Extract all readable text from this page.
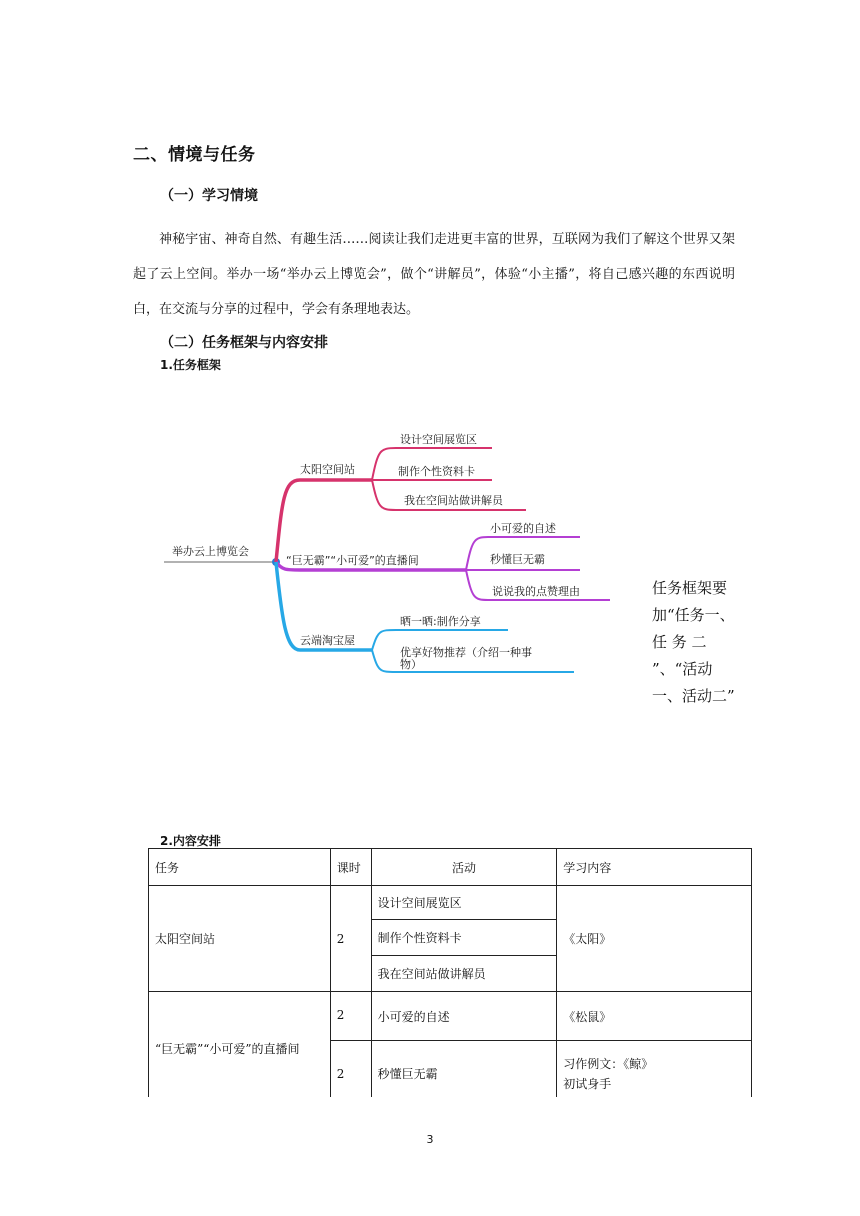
二、情境与任务
（一）学习情境
神秘宇宙、神奇自然、有趣生活……阅读让我们走进更丰富的世界，互联网为我们了解这个世界又架起了云上空间。举办一场“举办云上博览会”，做个“讲解员”，体验“小主播”，将自己感兴趣的东西说明白，在交流与分享的过程中，学会有条理地表达。
（二）任务框架与内容安排
1.任务框架
举办云上博览会
太阳空间站
设计空间展览区
制作个性资料卡
我在空间站做讲解员
“巨无霸”“小可爱”的直播间
小可爱的自述
秒懂巨无霸
说说我的点赞理由
云端淘宝屋
晒一晒:制作分享
优享好物推荐（介绍一种事
物）
任务框架要加“任务一、任 务 二 ”、“活动一、活动二”
2.内容安排
任务	课时	活动	学习内容
太阳空间站	2	设计空间展览区	《太阳》
		制作个性资料卡	
		我在空间站做讲解员	
“巨无霸”“小可爱”的直播间	2	小可爱的自述	《松鼠》
	2	秒懂巨无霸	习作例文：《鲸》
初试身手
3
